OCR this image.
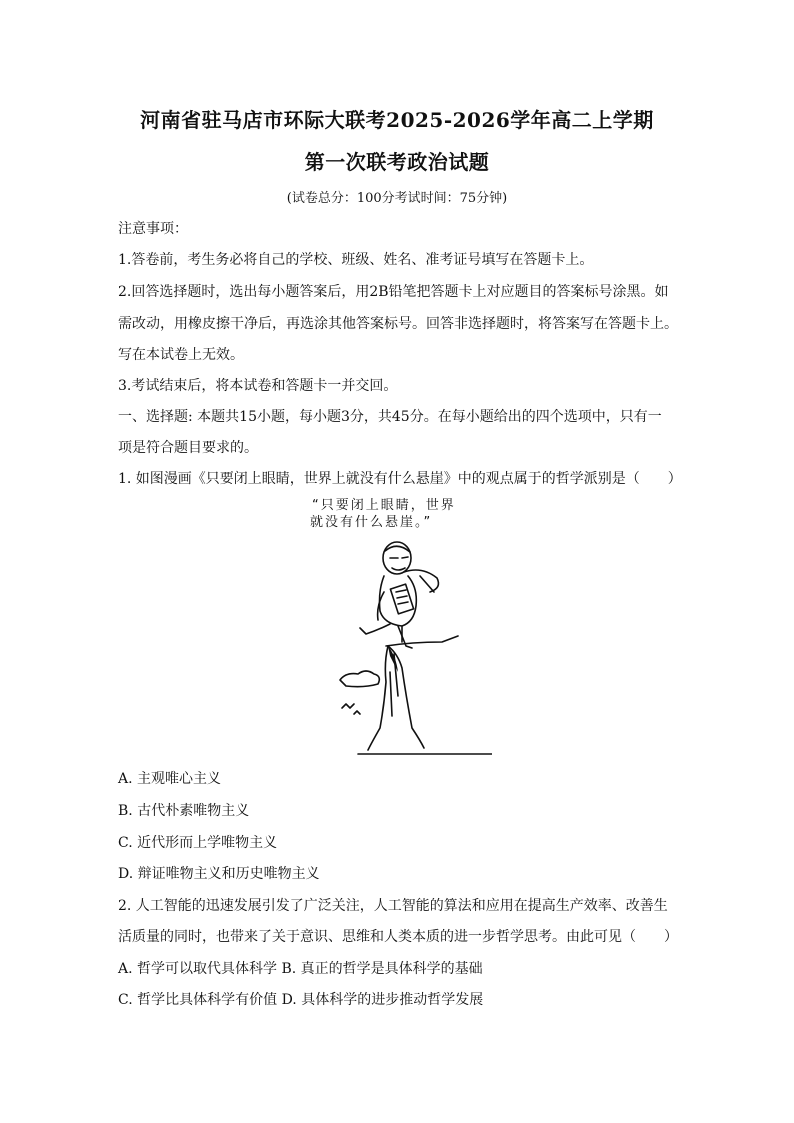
河南省驻马店市环际大联考2025-2026学年高二上学期
第一次联考政治试题
(试卷总分：100分考试时间：75分钟)
注意事项：
1.答卷前，考生务必将自己的学校、班级、姓名、准考证号填写在答题卡上。
2.回答选择题时，选出每小题答案后，用2B铅笔把答题卡上对应题目的答案标号涂黑。如
需改动，用橡皮擦干净后，再选涂其他答案标号。回答非选择题时，将答案写在答题卡上。
写在本试卷上无效。
3.考试结束后，将本试卷和答题卡一并交回。
一、选择题: 本题共15小题，每小题3分，共45分。在每小题给出的四个选项中，只有一
项是符合题目要求的。
1. 如图漫画《只要闭上眼睛，世界上就没有什么悬崖》中的观点属于的哲学派别是（　　）
“只要闭上眼睛，世界
就没有什么悬崖。”
A. 主观唯心主义
B. 古代朴素唯物主义
C. 近代形而上学唯物主义
D. 辩证唯物主义和历史唯物主义
2. 人工智能的迅速发展引发了广泛关注，人工智能的算法和应用在提高生产效率、改善生
活质量的同时，也带来了关于意识、思维和人类本质的进一步哲学思考。由此可见（　　）
A. 哲学可以取代具体科学 B. 真正的哲学是具体科学的基础
C. 哲学比具体科学有价值 D. 具体科学的进步推动哲学发展
